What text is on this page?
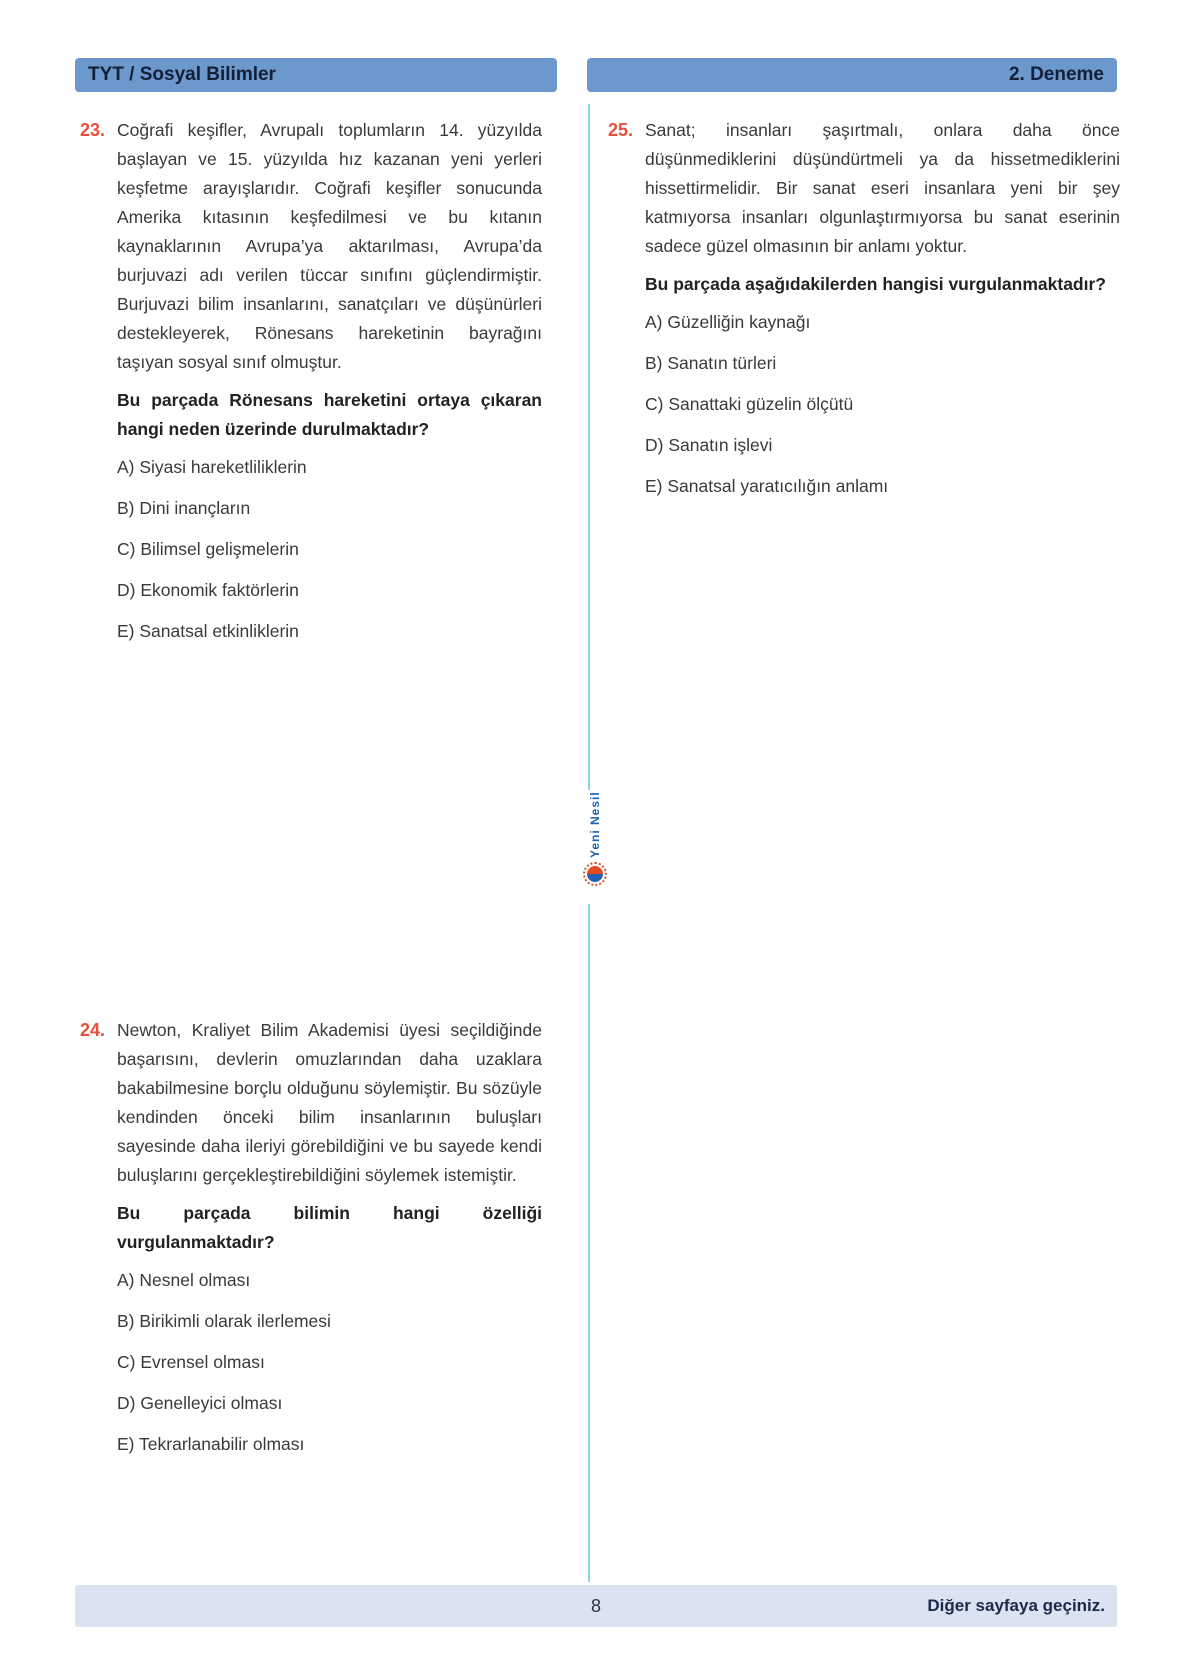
TYT / Sosyal Bilimler	2. Deneme
23. Coğrafi keşifler, Avrupalı toplumların 14. yüzyılda başlayan ve 15. yüzyılda hız kazanan yeni yerleri keşfetme arayışlarıdır. Coğrafi keşifler sonucunda Amerika kıtasının keşfedilmesi ve bu kıtanın kaynaklarının Avrupa’ya aktarılması, Avrupa’da burjuvazi adı verilen tüccar sınıfını güçlendirmiştir. Burjuvazi bilim insanlarını, sanatçıları ve düşünürleri destekleyerek, Rönesans hareketinin bayrağını taşıyan sosyal sınıf olmuştur.

Bu parçada Rönesans hareketini ortaya çıkaran hangi neden üzerinde durulmaktadır?

A) Siyasi hareketliliklerin

B) Dini inançların

C) Bilimsel gelişmelerin

D) Ekonomik faktörlerin

E) Sanatsal etkinliklerin

24. Newton, Kraliyet Bilim Akademisi üyesi seçildiğinde başarısını, devlerin omuzlarından daha uzaklara bakabilmesine borçlu olduğunu söylemiştir. Bu sözüyle kendinden önceki bilim insanlarının buluşları sayesinde daha ileriyi görebildiğini ve bu sayede kendi buluşlarını gerçekleştirebildiğini söylemek istemiştir.

Bu parçada bilimin hangi özelliği vurgulanmaktadır?

A) Nesnel olması

B) Birikimli olarak ilerlemesi

C) Evrensel olması

D) Genelleyici olması

E) Tekrarlanabilir olması

25. Sanat; insanları şaşırtmalı, onlara daha önce düşünmediklerini düşündürtmeli ya da hissetmediklerini hissettirmelidir. Bir sanat eseri insanlara yeni bir şey katmıyorsa insanları olgunlaştırmıyorsa bu sanat eserinin sadece güzel olmasının bir anlamı yoktur.

Bu parçada aşağıdakilerden hangisi vurgulanmaktadır?

A) Güzelliğin kaynağı

B) Sanatın türleri

C) Sanattaki güzelin ölçütü

D) Sanatın işlevi

E) Sanatsal yaratıcılığın anlamı

Yeni Nesil
8	Diğer sayfaya geçiniz.
